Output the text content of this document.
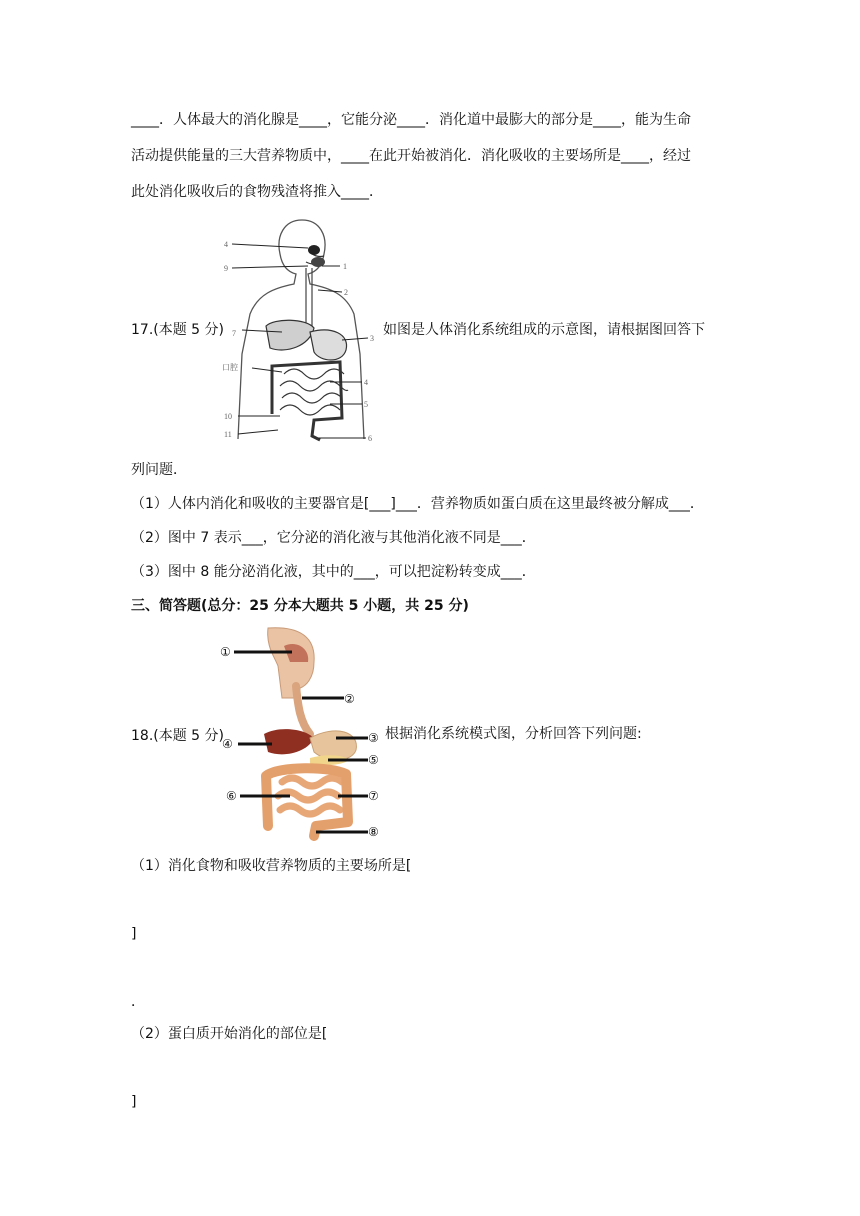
____．人体最大的消化腺是____，它能分泌____．消化道中最膨大的部分是____，能为生命
活动提供能量的三大营养物质中，____在此开始被消化．消化吸收的主要场所是____，经过
此处消化吸收后的食物残渣将推入____．
17.(本题 5 分)
4
9	1
2
7
3
口腔
4
5
10
11	6
如图是人体消化系统组成的示意图，请根据图回答下
列问题．
（1）人体内消化和吸收的主要器官是[___]___．营养物质如蛋白质在这里最终被分解成___．
（2）图中 7 表示___，它分泌的消化液与其他消化液不同是___．
（3）图中 8 能分泌消化液，其中的___，可以把淀粉转变成___．
三、简答题(总分：25 分本大题共 5 小题，共 25 分)
18.(本题 5 分)
①
②
③
④
⑤
⑥	⑦
⑧
根据消化系统模式图，分析回答下列问题:
（1）消化食物和吸收营养物质的主要场所是[
]
．
（2）蛋白质开始消化的部位是[
]
